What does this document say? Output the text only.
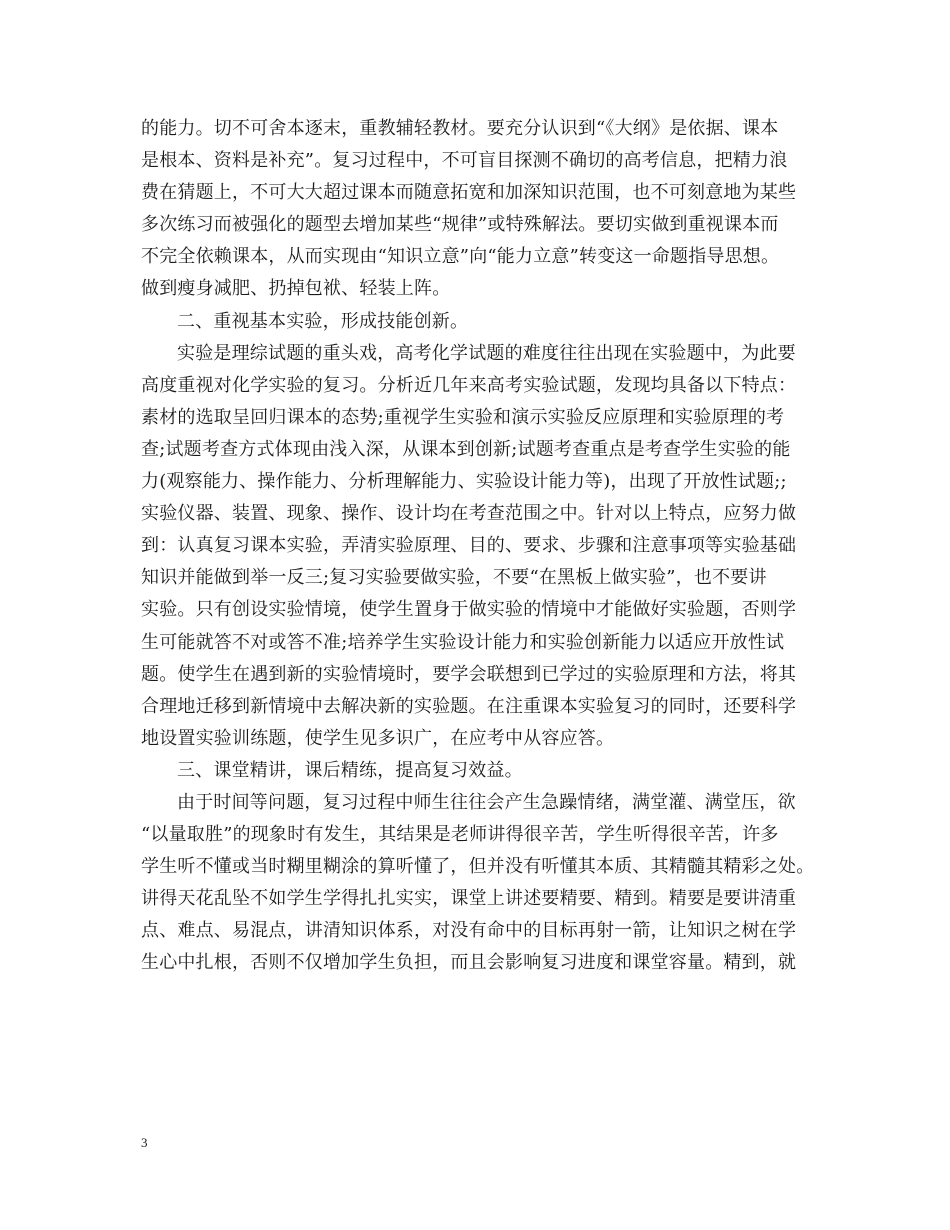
的能力。切不可舍本逐末，重教辅轻教材。要充分认识到“《大纲》是依据、课本
是根本、资料是补充”。复习过程中，不可盲目探测不确切的高考信息，把精力浪
费在猜题上，不可大大超过课本而随意拓宽和加深知识范围，也不可刻意地为某些
多次练习而被强化的题型去增加某些“规律”或特殊解法。要切实做到重视课本而
不完全依赖课本，从而实现由“知识立意”向“能力立意”转变这一命题指导思想。
做到瘦身减肥、扔掉包袱、轻装上阵。
二、重视基本实验，形成技能创新。
实验是理综试题的重头戏，高考化学试题的难度往往出现在实验题中，为此要
高度重视对化学实验的复习。分析近几年来高考实验试题，发现均具备以下特点：
素材的选取呈回归课本的态势;重视学生实验和演示实验反应原理和实验原理的考
查;试题考查方式体现由浅入深，从课本到创新;试题考查重点是考查学生实验的能
力(观察能力、操作能力、分析理解能力、实验设计能力等)，出现了开放性试题;;
实验仪器、装置、现象、操作、设计均在考查范围之中。针对以上特点，应努力做
到：认真复习课本实验，弄清实验原理、目的、要求、步骤和注意事项等实验基础
知识并能做到举一反三;复习实验要做实验，不要“在黑板上做实验”，也不要讲
实验。只有创设实验情境，使学生置身于做实验的情境中才能做好实验题，否则学
生可能就答不对或答不准;培养学生实验设计能力和实验创新能力以适应开放性试
题。使学生在遇到新的实验情境时，要学会联想到已学过的实验原理和方法，将其
合理地迁移到新情境中去解决新的实验题。在注重课本实验复习的同时，还要科学
地设置实验训练题，使学生见多识广，在应考中从容应答。
三、课堂精讲，课后精练，提高复习效益。
由于时间等问题，复习过程中师生往往会产生急躁情绪，满堂灌、满堂压，欲
“以量取胜”的现象时有发生，其结果是老师讲得很辛苦，学生听得很辛苦，许多
学生听不懂或当时糊里糊涂的算听懂了，但并没有听懂其本质、其精髓其精彩之处。
讲得天花乱坠不如学生学得扎扎实实，课堂上讲述要精要、精到。精要是要讲清重
点、难点、易混点，讲清知识体系，对没有命中的目标再射一箭，让知识之树在学
生心中扎根，否则不仅增加学生负担，而且会影响复习进度和课堂容量。精到，就
3
